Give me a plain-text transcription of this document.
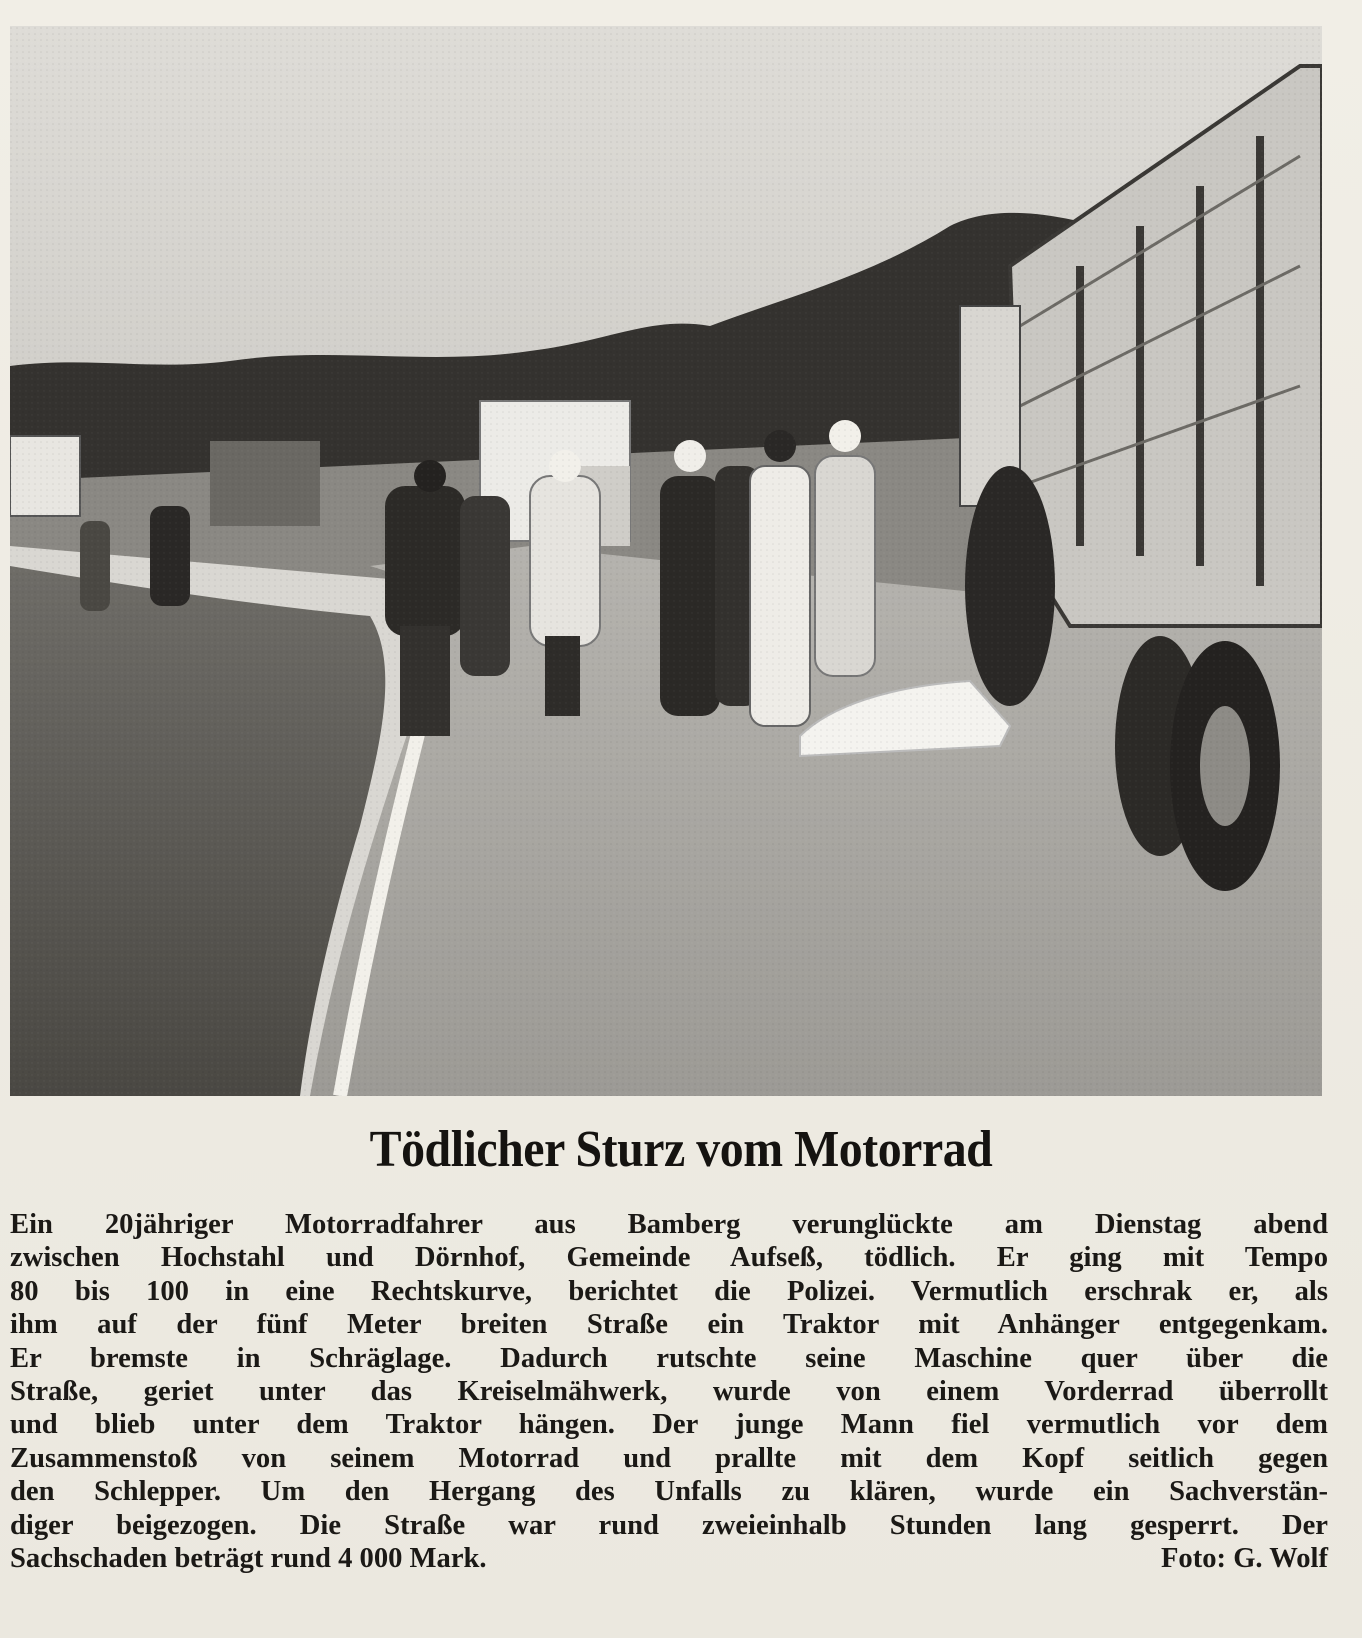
Tödlicher Sturz vom Motorrad
Ein 20jähriger Motorradfahrer aus Bamberg verunglückte am Dienstag abend
zwischen Hochstahl und Dörnhof, Gemeinde Aufseß, tödlich. Er ging mit Tempo
80 bis 100 in eine Rechtskurve, berichtet die Polizei. Vermutlich erschrak er, als
ihm auf der fünf Meter breiten Straße ein Traktor mit Anhänger entgegenkam.
Er bremste in Schräglage. Dadurch rutschte seine Maschine quer über die
Straße, geriet unter das Kreiselmähwerk, wurde von einem Vorderrad überrollt
und blieb unter dem Traktor hängen. Der junge Mann fiel vermutlich vor dem
Zusammenstoß von seinem Motorrad und prallte mit dem Kopf seitlich gegen
den Schlepper. Um den Hergang des Unfalls zu klären, wurde ein Sachverstän-
diger beigezogen. Die Straße war rund zweieinhalb Stunden lang gesperrt. Der
Sachschaden beträgt rund 4 000 Mark.	Foto: G. Wolf
